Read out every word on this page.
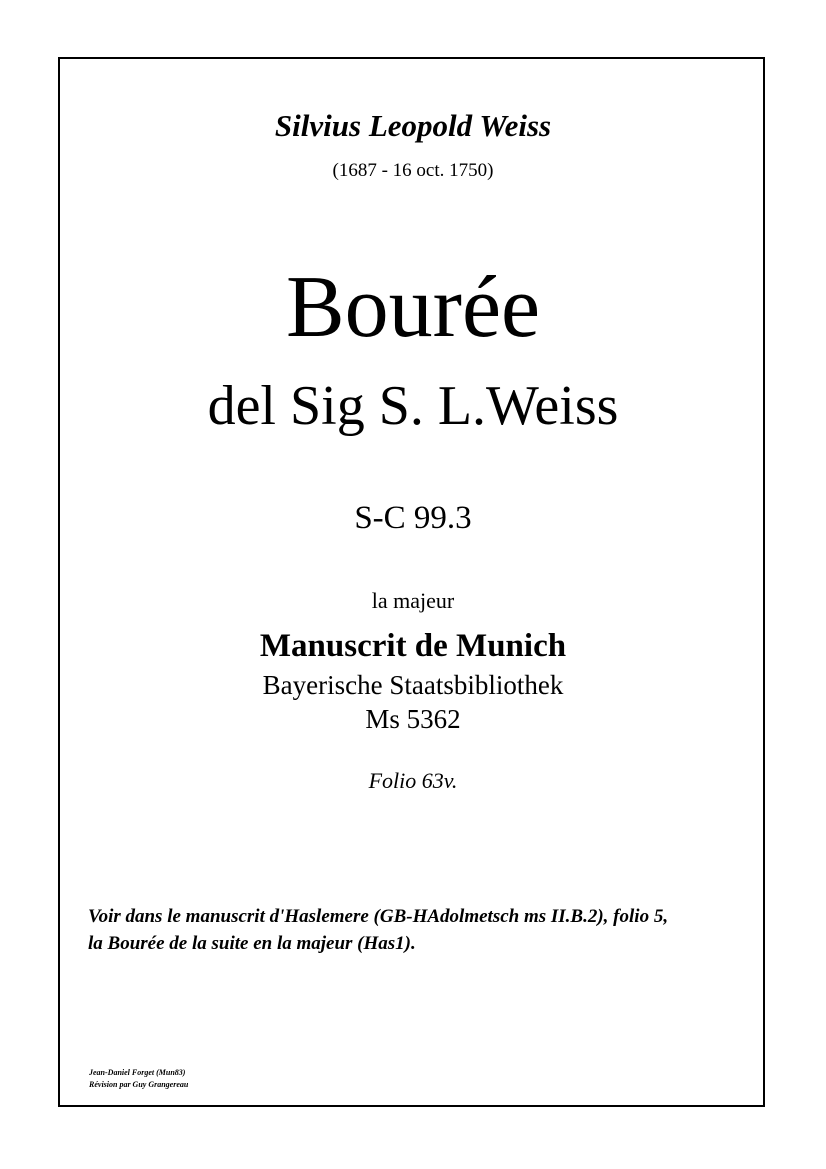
Silvius Leopold Weiss
(1687 - 16 oct. 1750)
Bourée
del Sig S. L.Weiss
S-C 99.3
la majeur
Manuscrit de Munich
Bayerische Staatsbibliothek
Ms 5362
Folio 63v.
Voir dans le manuscrit d'Haslemere (GB-HAdolmetsch ms II.B.2), folio 5,
la Bourée de la suite en la majeur (Has1).
Jean-Daniel Forget (Mun83)
Révision par Guy Grangereau
